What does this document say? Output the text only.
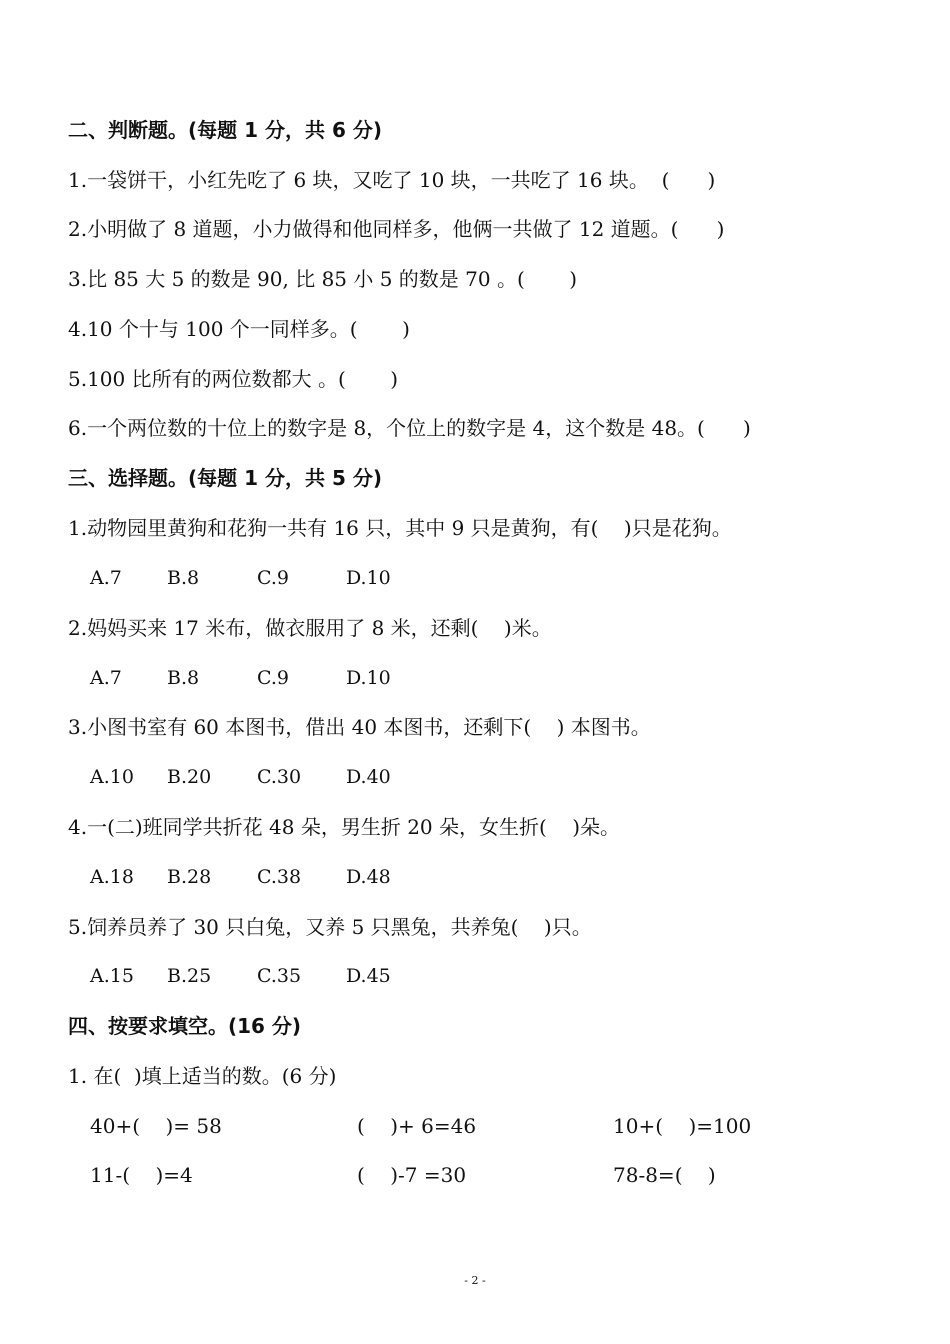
二、判断题。(每题 1 分，共 6 分)
1.一袋饼干，小红先吃了 6 块，又吃了 10 块，一共吃了 16 块。  (      )
2.小明做了 8 道题，小力做得和他同样多，他俩一共做了 12 道题。(      )
3.比 85 大 5 的数是 90, 比 85 小 5 的数是 70 。(       )
4.10 个十与 100 个一同样多。(       )
5.100 比所有的两位数都大 。(       )
6.一个两位数的十位上的数字是 8，个位上的数字是 4，这个数是 48。(      )
三、选择题。(每题 1 分，共 5 分)
1.动物园里黄狗和花狗一共有 16 只，其中 9 只是黄狗，有(    )只是花狗。
A.7 B.8	C.9	D.10
2.妈妈买来 17 米布，做衣服用了 8 米，还剩(    )米。
A.7 B.8	C.9	D.10
3.小图书室有 60 本图书，借出 40 本图书，还剩下(    ) 本图书。
A.10 B.20 C.30 D.40
4.一(二)班同学共折花 48 朵，男生折 20 朵，女生折(    )朵。
A.18 B.28 C.38 D.48
5.饲养员养了 30 只白兔，又养 5 只黑兔，共养兔(    )只。
A.15 B.25 C.35 D.45
四、按要求填空。(16 分)
1. 在(  )填上适当的数。(6 分)
40+(    )= 58	(    )+ 6=46	10+(    )=100
11-(    )=4	(    )-7 =30	78-8=(    )
- 2 -
